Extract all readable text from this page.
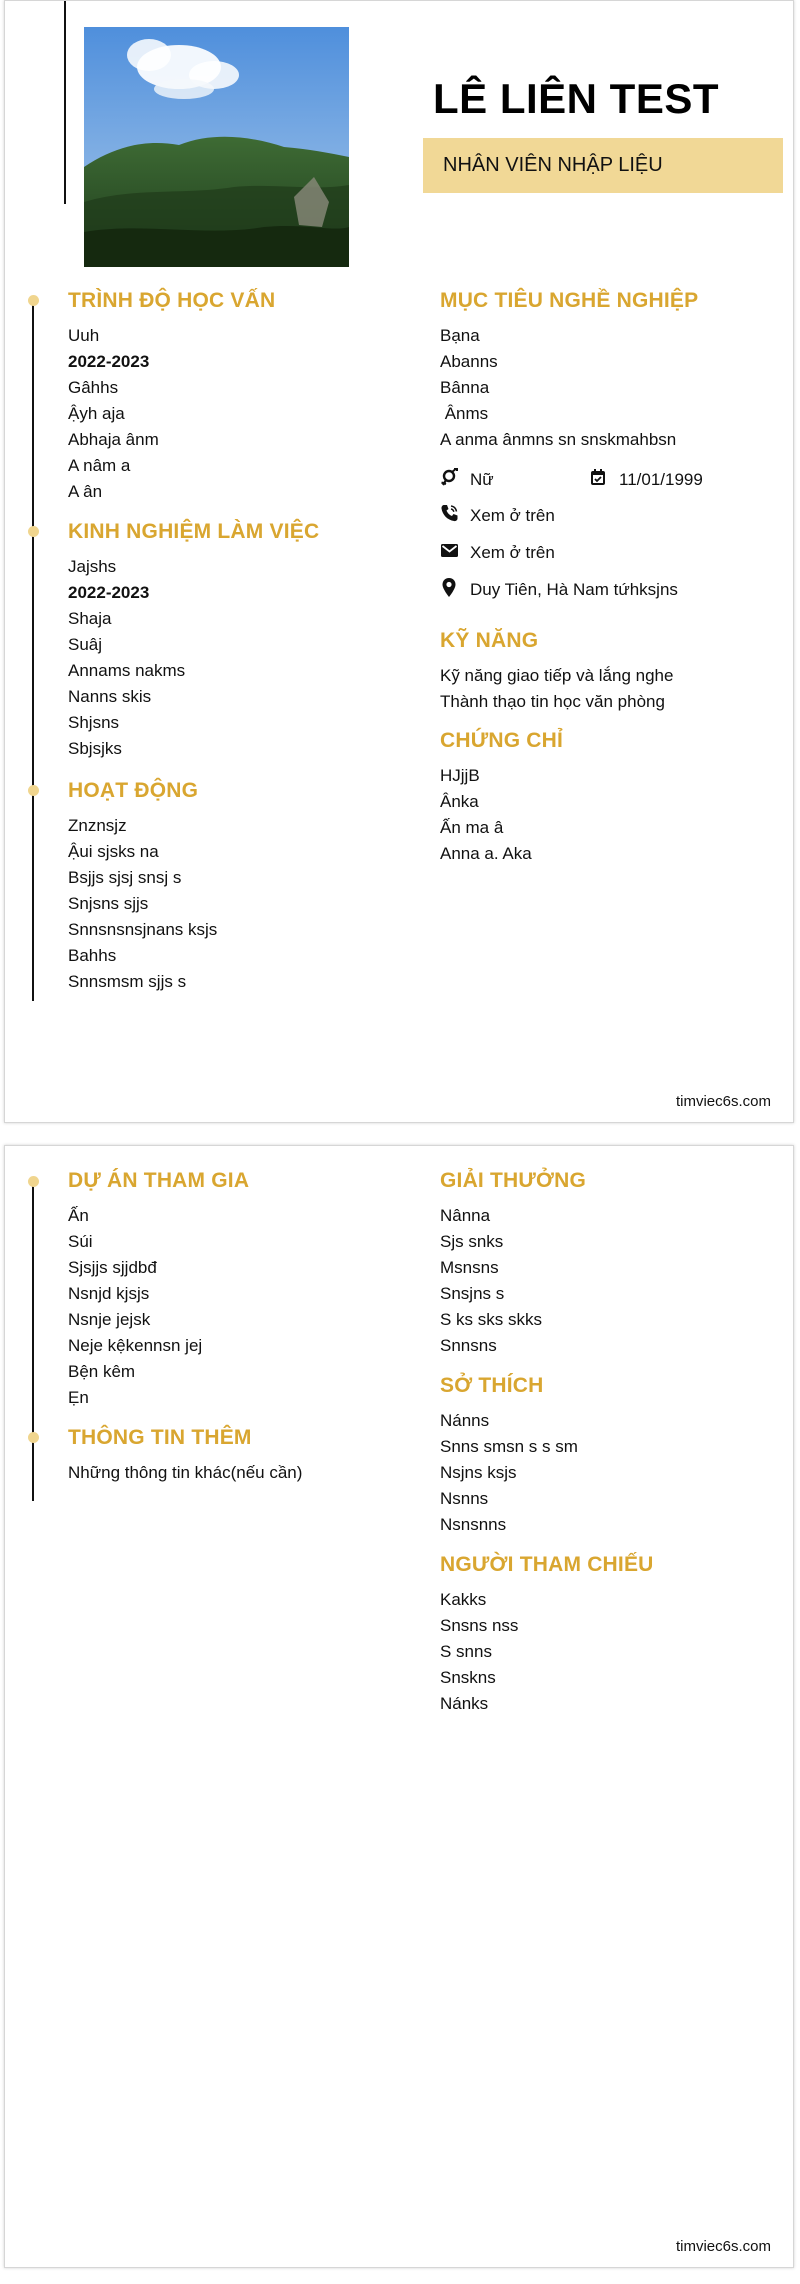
LÊ LIÊN TEST
NHÂN VIÊN NHẬP LIỆU
TRÌNH ĐỘ HỌC VẤN
Uuh
2022-2023
Gâhhs
Ậyh aja
Abhaja ânm
A nâm a
A ân
KINH NGHIỆM LÀM VIỆC
Jajshs
2022-2023
Shaja
Suâj
Annams nakms
Nanns skis
Shjsns
Sbjsjks
HOẠT ĐỘNG
Znznsjz
Ậui sjsks na
Bsjjs sjsj snsj s
Snjsns sjjs
Snnsnsnsjnans ksjs
Bahhs
Snnsmsm sjjs s
MỤC TIÊU NGHỀ NGHIỆP
Bạna
Abanns
Bânna
Ânms
A anma ânmns sn snskmahbsn
Nữ	11/01/1999
Xem ở trên
Xem ở trên
Duy Tiên, Hà Nam tứhksjns
KỸ NĂNG
Kỹ năng giao tiếp và lắng nghe
Thành thạo tin học văn phòng
CHỨNG CHỈ
HJjjB
Ânka
Ấn ma â
Anna a. Aka
timviec6s.com
DỰ ÁN THAM GIA
Ấn
Súi
Sjsjjs sjjdbđ
Nsnjd kjsjs
Nsnje jejsk
Neje kệkennsn jej
Bện kêm
Ẹn
THÔNG TIN THÊM
Những thông tin khác(nếu cần)
GIẢI THƯỞNG
Nânna
Sjs snks
Msnsns
Snsjns s
S ks sks skks
Snnsns
SỞ THÍCH
Nánns
Snns smsn s s sm
Nsjns ksjs
Nsnns
Nsnsnns
NGƯỜI THAM CHIẾU
Kakks
Snsns nss
S snns
Snskns
Nánks
timviec6s.com
